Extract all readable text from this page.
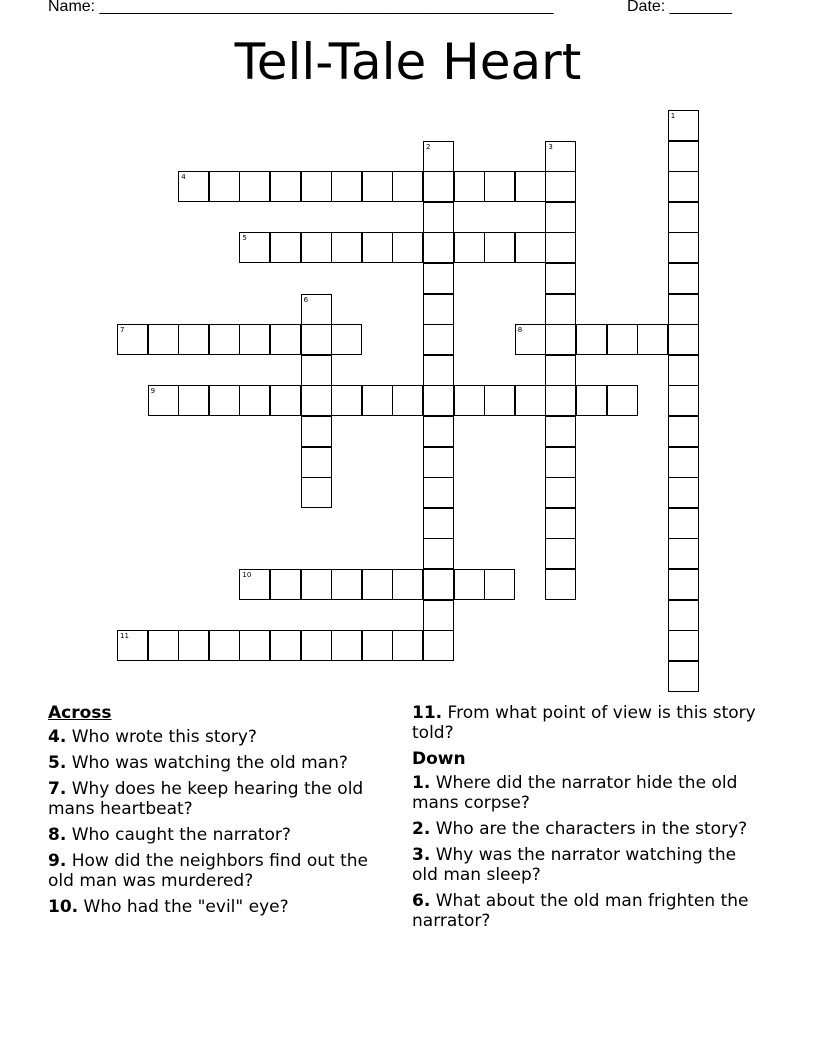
Name: ___________________________________________________	Date: _______
Tell-Tale Heart
1
2	3
4
5
6
7	8
9
10
11
Across
4. Who wrote this story?
5. Who was watching the old man?
7. Why does he keep hearing the old mans heartbeat?
8. Who caught the narrator?
9. How did the neighbors find out the old man was murdered?
10. Who had the "evil" eye?
11. From what point of view is this story told?
Down
1. Where did the narrator hide the old mans corpse?
2. Who are the characters in the story?
3. Why was the narrator watching the old man sleep?
6. What about the old man frighten the narrator?
